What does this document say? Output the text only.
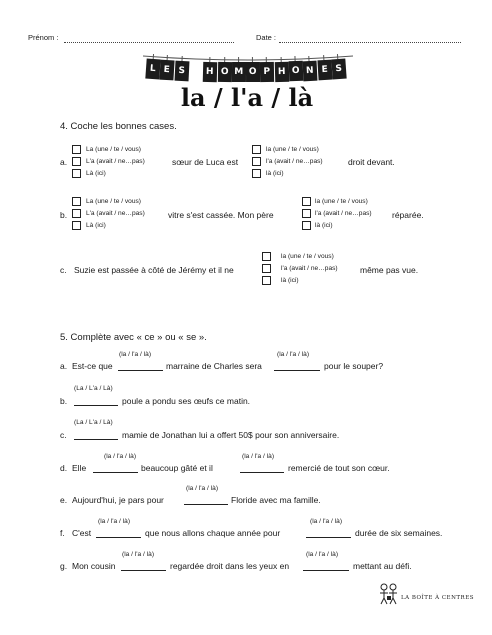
Prénom :	Date :
L E S	H O M O P H O N E S
la / l'a / là
4. Coche les bonnes cases.
a.
La (une / te / vous)
L'a (avait / ne…pas)
Là (ici)
sœur de Luca est
la (une / te / vous)
l'a (avait / ne…pas)
là (ici)
droit devant.
b.
La (une / te / vous)
L'a (avait / ne…pas)
Là (ici)
vitre s'est cassée. Mon père
la (une / te / vous)
l'a (avait / ne…pas)
là (ici)
réparée.
c. Suzie est passée à côté de Jérémy et il ne
la (une / te / vous)
l'a (avait / ne…pas)
là (ici)
même pas vue.
5. Complète avec « ce » ou « se ».
(la / l'a / là)	(la / l'a / là)
a. Est-ce que	marraine de Charles sera	pour le souper?
(La / L'a / Là)
b.	poule a pondu ses œufs ce matin.
(La / L'a / Là)
c.	mamie de Jonathan lui a offert 50$ pour son anniversaire.
(la / l'a / là)	(la / l'a / là)
d. Elle	beaucoup gâté et il	remercié de tout son cœur.
(la / l'a / là)
e. Aujourd'hui, je pars pour	Floride avec ma famille.
(la / l'a / là)	(la / l'a / là)
f. C'est	que nous allons chaque année pour	durée de six semaines.
(la / l'a / là)	(la / l'a / là)
g. Mon cousin	regardée droit dans les yeux en	mettant au défi.
LA BOÎTE À CENTRES
